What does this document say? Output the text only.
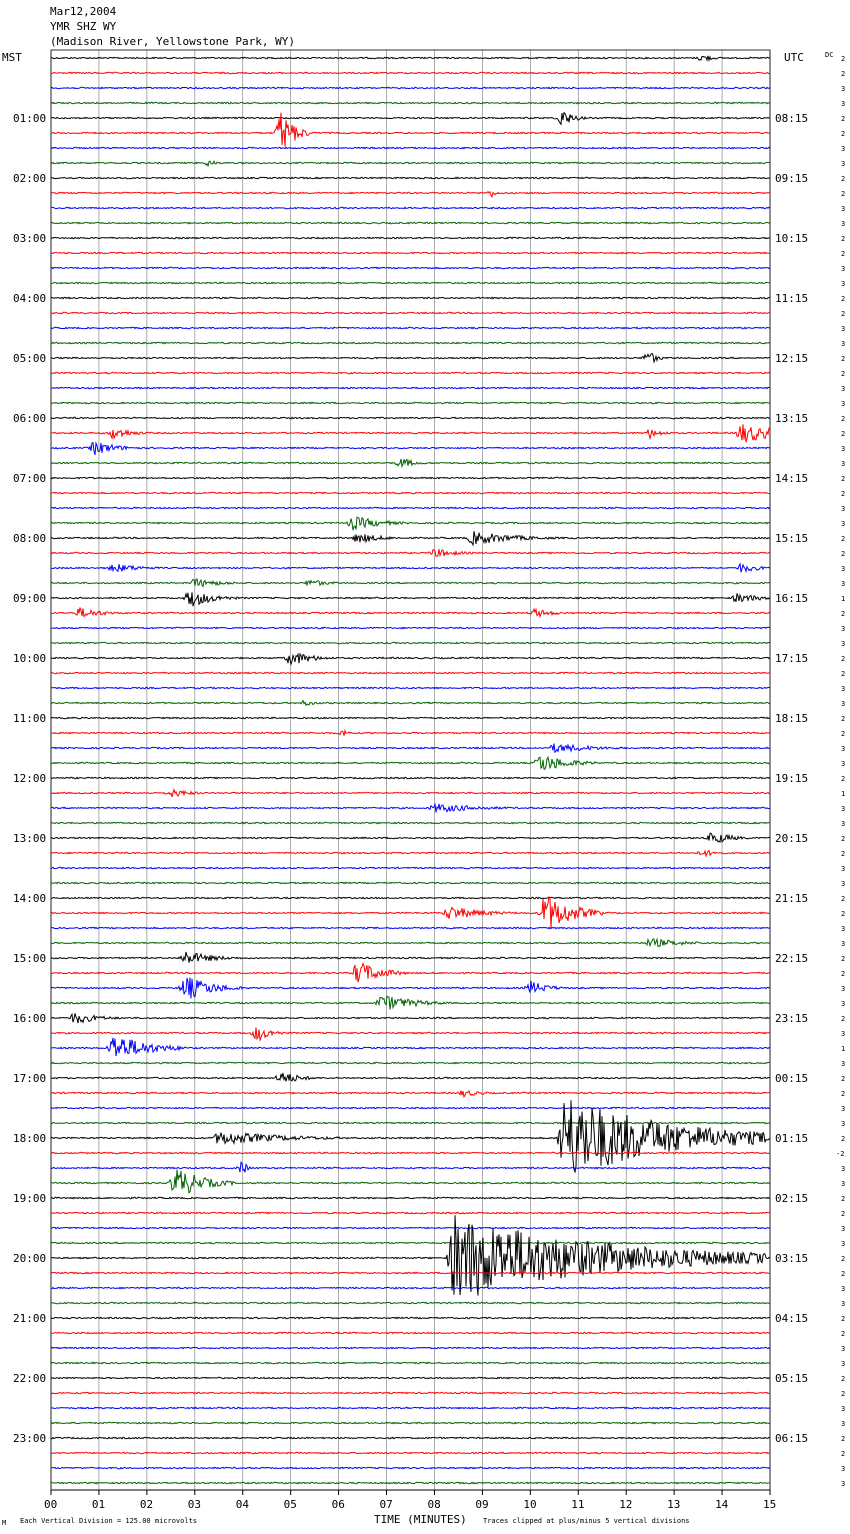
Mar12,2004
YMR SHZ WY
(Madison River, Yellowstone Park, WY)
MST	UTC	DC
01:00
02:00
03:00
04:00
05:00
06:00
07:00
08:00
09:00
10:00
11:00
12:00
13:00
14:00
15:00
16:00
17:00
18:00
19:00
20:00
21:00
22:00
23:00
08:15
09:15
10:15
11:15
12:15
13:15
14:15
15:15
16:15
17:15
18:15
19:15
20:15
21:15
22:15
23:15
00:15
01:15
02:15
03:15
04:15
05:15
06:15
2
2
3
3
2
2
3
3
2
2
3
3
2
2
3
3
2
2
3
3
2
2
3
3
2
2
3
3
2
2
3
3
2
2
3
3
1
2
3
3
2
2
3
3
2
2
3
3
2
1
3
3
2
2
3
3
2
2
3
3
2
2
3
3
2
3
1
3
2
2
3
3
2
-2
3
3
2
2
3
3
2
2
3
3
2
2
3
3
2
2
3
3
2
2
3
3
00	01	02	03	04	05	06	07	08	09	10	11	12	13	14	15
TIME (MINUTES)
M Each Vertical Division = 125.00 microvolts	Traces clipped at plus/minus 5 vertical divisions
